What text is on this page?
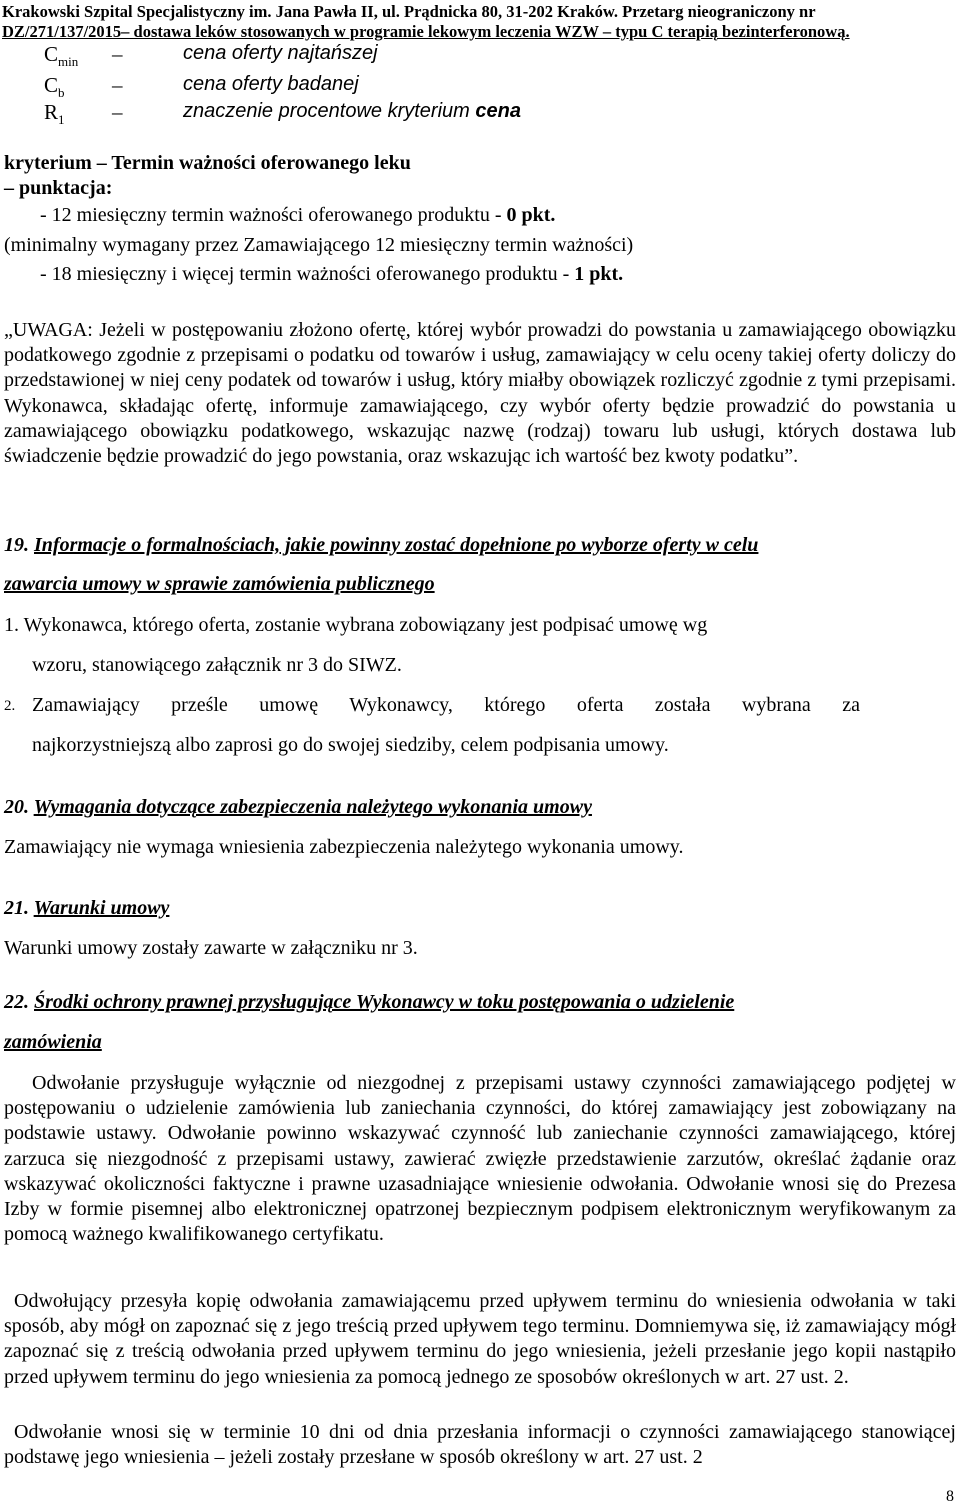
Krakowski Szpital Specjalistyczny im. Jana Pawła II, ul. Prądnicka 80, 31-202 Kraków. Przetarg nieograniczony nr
DZ/271/137/2015– dostawa leków stosowanych w programie lekowym leczenia WZW – typu C terapią bezinterferonową.
$C_{min}$ –	cena oferty najtańszej
$C_b$ –	cena oferty badanej
$R_1$ –	znaczenie procentowe kryterium cena
kryterium – Termin ważności oferowanego leku
– punktacja:
- 12 miesięczny termin ważności oferowanego produktu - 0 pkt.
(minimalny wymagany przez Zamawiającego 12 miesięczny termin ważności)
- 18 miesięczny i więcej termin ważności oferowanego produktu - 1 pkt.

„UWAGA: Jeżeli w postępowaniu złożono ofertę, której wybór prowadzi do powstania u zamawiającego obowiązku podatkowego zgodnie z przepisami o podatku od towarów i usług, zamawiający w celu oceny takiej oferty doliczy do przedstawionej w niej ceny podatek od towarów i usług, który miałby obowiązek rozliczyć zgodnie z tymi przepisami. Wykonawca, składając ofertę, informuje zamawiającego, czy wybór oferty będzie prowadzić do powstania u zamawiającego obowiązku podatkowego, wskazując nazwę (rodzaj) towaru lub usługi, których dostawa lub świadczenie będzie prowadzić do jego powstania, oraz wskazując ich wartość bez kwoty podatku”.

19. Informacje o formalnościach, jakie powinny zostać dopełnione po wyborze oferty w celu
zawarcia umowy w sprawie zamówienia publicznego
1. Wykonawca, którego oferta, zostanie wybrana zobowiązany jest podpisać umowę wg
wzoru, stanowiącego załącznik nr 3 do SIWZ.
2. Zamawiający prześle umowę Wykonawcy, którego oferta została wybrana za
najkorzystniejszą albo zaprosi go do swojej siedziby, celem podpisania umowy.
20. Wymagania dotyczące zabezpieczenia należytego wykonania umowy
Zamawiający nie wymaga wniesienia zabezpieczenia należytego wykonania umowy.
21. Warunki umowy
Warunki umowy zostały zawarte w załączniku nr 3.
22. Środki ochrony prawnej przysługujące Wykonawcy w toku postępowania o udzielenie
zamówienia

Odwołanie przysługuje wyłącznie od niezgodnej z przepisami ustawy czynności zamawiającego podjętej w postępowaniu o udzielenie zamówienia lub zaniechania czynności, do której zamawiający jest zobowiązany na podstawie ustawy. Odwołanie powinno wskazywać czynność lub zaniechanie czynności zamawiającego, której zarzuca się niezgodność z przepisami ustawy, zawierać zwięzłe przedstawienie zarzutów, określać żądanie oraz wskazywać okoliczności faktyczne i prawne uzasadniające wniesienie odwołania. Odwołanie wnosi się do Prezesa Izby w formie pisemnej albo elektronicznej opatrzonej bezpiecznym podpisem elektronicznym weryfikowanym za pomocą ważnego kwalifikowanego certyfikatu.

Odwołujący przesyła kopię odwołania zamawiającemu przed upływem terminu do wniesienia odwołania w taki sposób, aby mógł on zapoznać się z jego treścią przed upływem tego terminu. Domniemywa się, iż zamawiający mógł zapoznać się z treścią odwołania przed upływem terminu do jego wniesienia, jeżeli przesłanie jego kopii nastąpiło przed upływem terminu do jego wniesienia za pomocą jednego ze sposobów określonych w art. 27 ust. 2.

Odwołanie wnosi się w terminie 10 dni od dnia przesłania informacji o czynności zamawiającego stanowiącej podstawę jego wniesienia – jeżeli zostały przesłane w sposób określony w art. 27 ust. 2

8
